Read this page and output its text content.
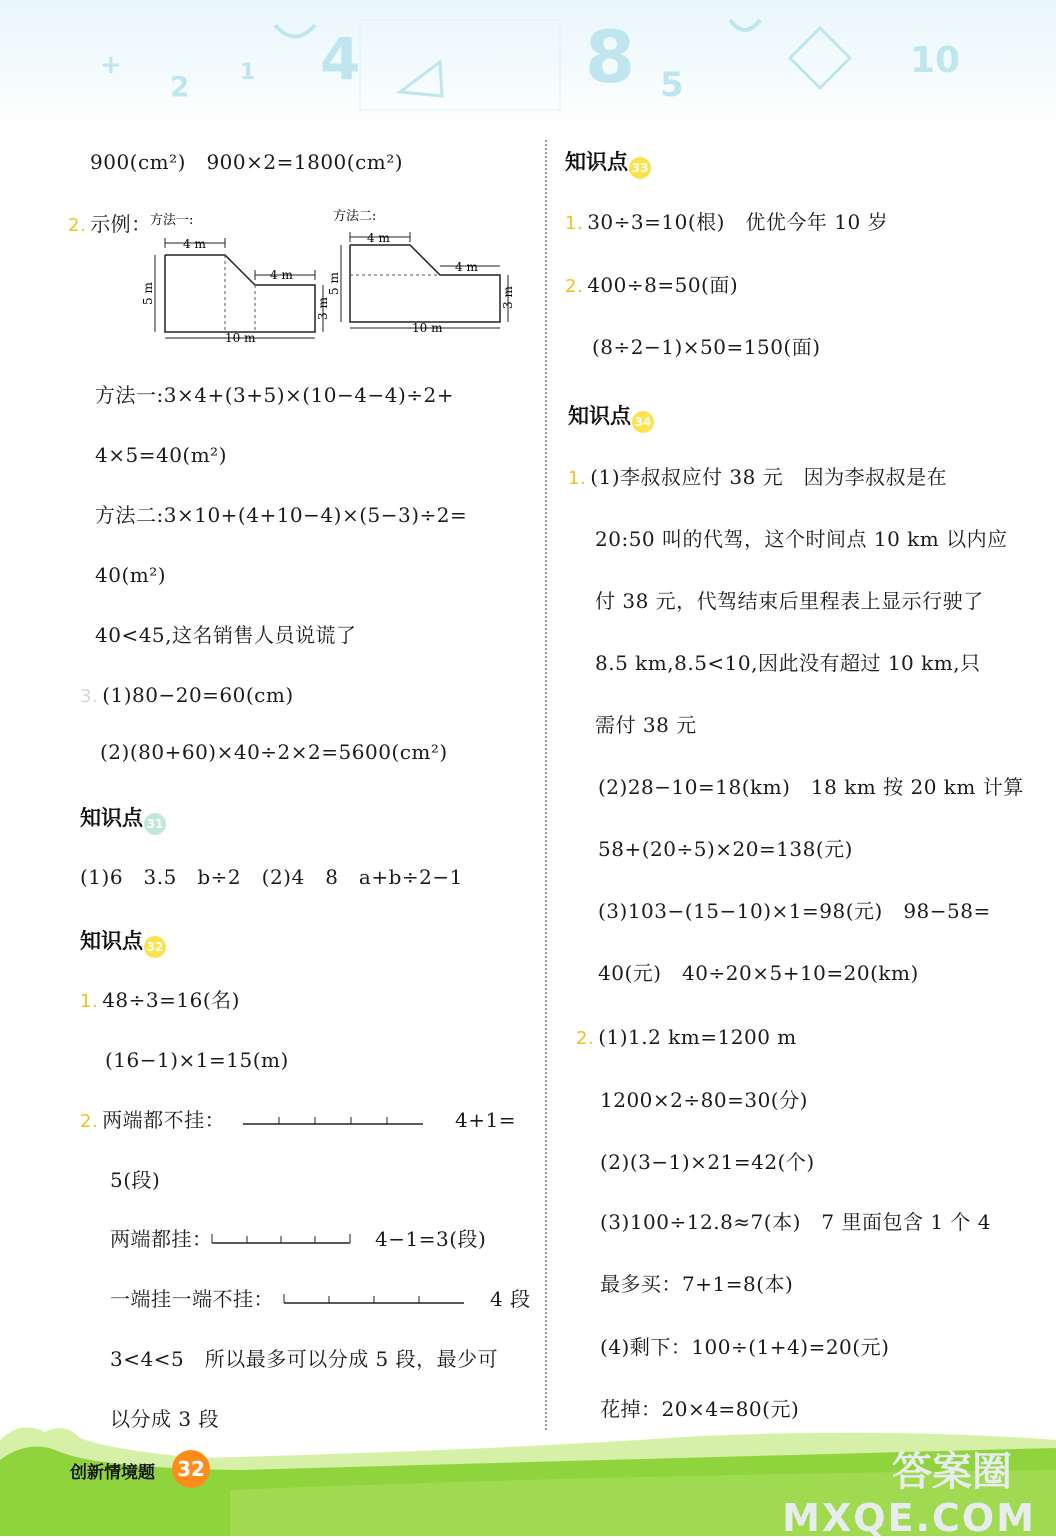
+
2 1 4	8 5
10
900(cm²)　900×2=1800(cm²)
2. 示例：
方法一:
4 m
4 m
5 m
3 m
10 m
方法二:
4 m
4 m
5 m
3 m
10 m
方法一:3×4+(3+5)×(10−4−4)÷2+
4×5=40(m²)
方法二:3×10+(4+10−4)×(5−3)÷2=
40(m²)
40<45,这名销售人员说谎了
3. (1)80−20=60(cm)
(2)(80+60)×40÷2×2=5600(cm²)
知识点 31
(1)6　3.5　b÷2　(2)4　8　a+b÷2−1
知识点 32
1. 48÷3=16(名)
(16−1)×1=15(m)
2. 两端都不挂：	4+1=
5(段)
两端都挂：	4−1=3(段)
一端挂一端不挂：	4 段
3<4<5　所以最多可以分成 5 段，最少可
以分成 3 段
知识点 33
1. 30÷3=10(根)　优优今年 10 岁
2. 400÷8=50(面)
(8÷2−1)×50=150(面)
知识点 34
1. (1)李叔叔应付 38 元　因为李叔叔是在
20:50 叫的代驾，这个时间点 10 km 以内应
付 38 元，代驾结束后里程表上显示行驶了
8.5 km,8.5<10,因此没有超过 10 km,只
需付 38 元
(2)28−10=18(km)　18 km 按 20 km 计算
58+(20÷5)×20=138(元)
(3)103−(15−10)×1=98(元)　98−58=
40(元)　40÷20×5+10=20(km)
2. (1)1.2 km=1200 m
1200×2÷80=30(分)
(2)(3−1)×21=42(个)
(3)100÷12.8≈7(本)　7 里面包含 1 个 4
最多买：7+1=8(本)
(4)剩下：100÷(1+4)=20(元)
花掉：20×4=80(元)
创新情境题 32	答案圈
MXQE.COM
